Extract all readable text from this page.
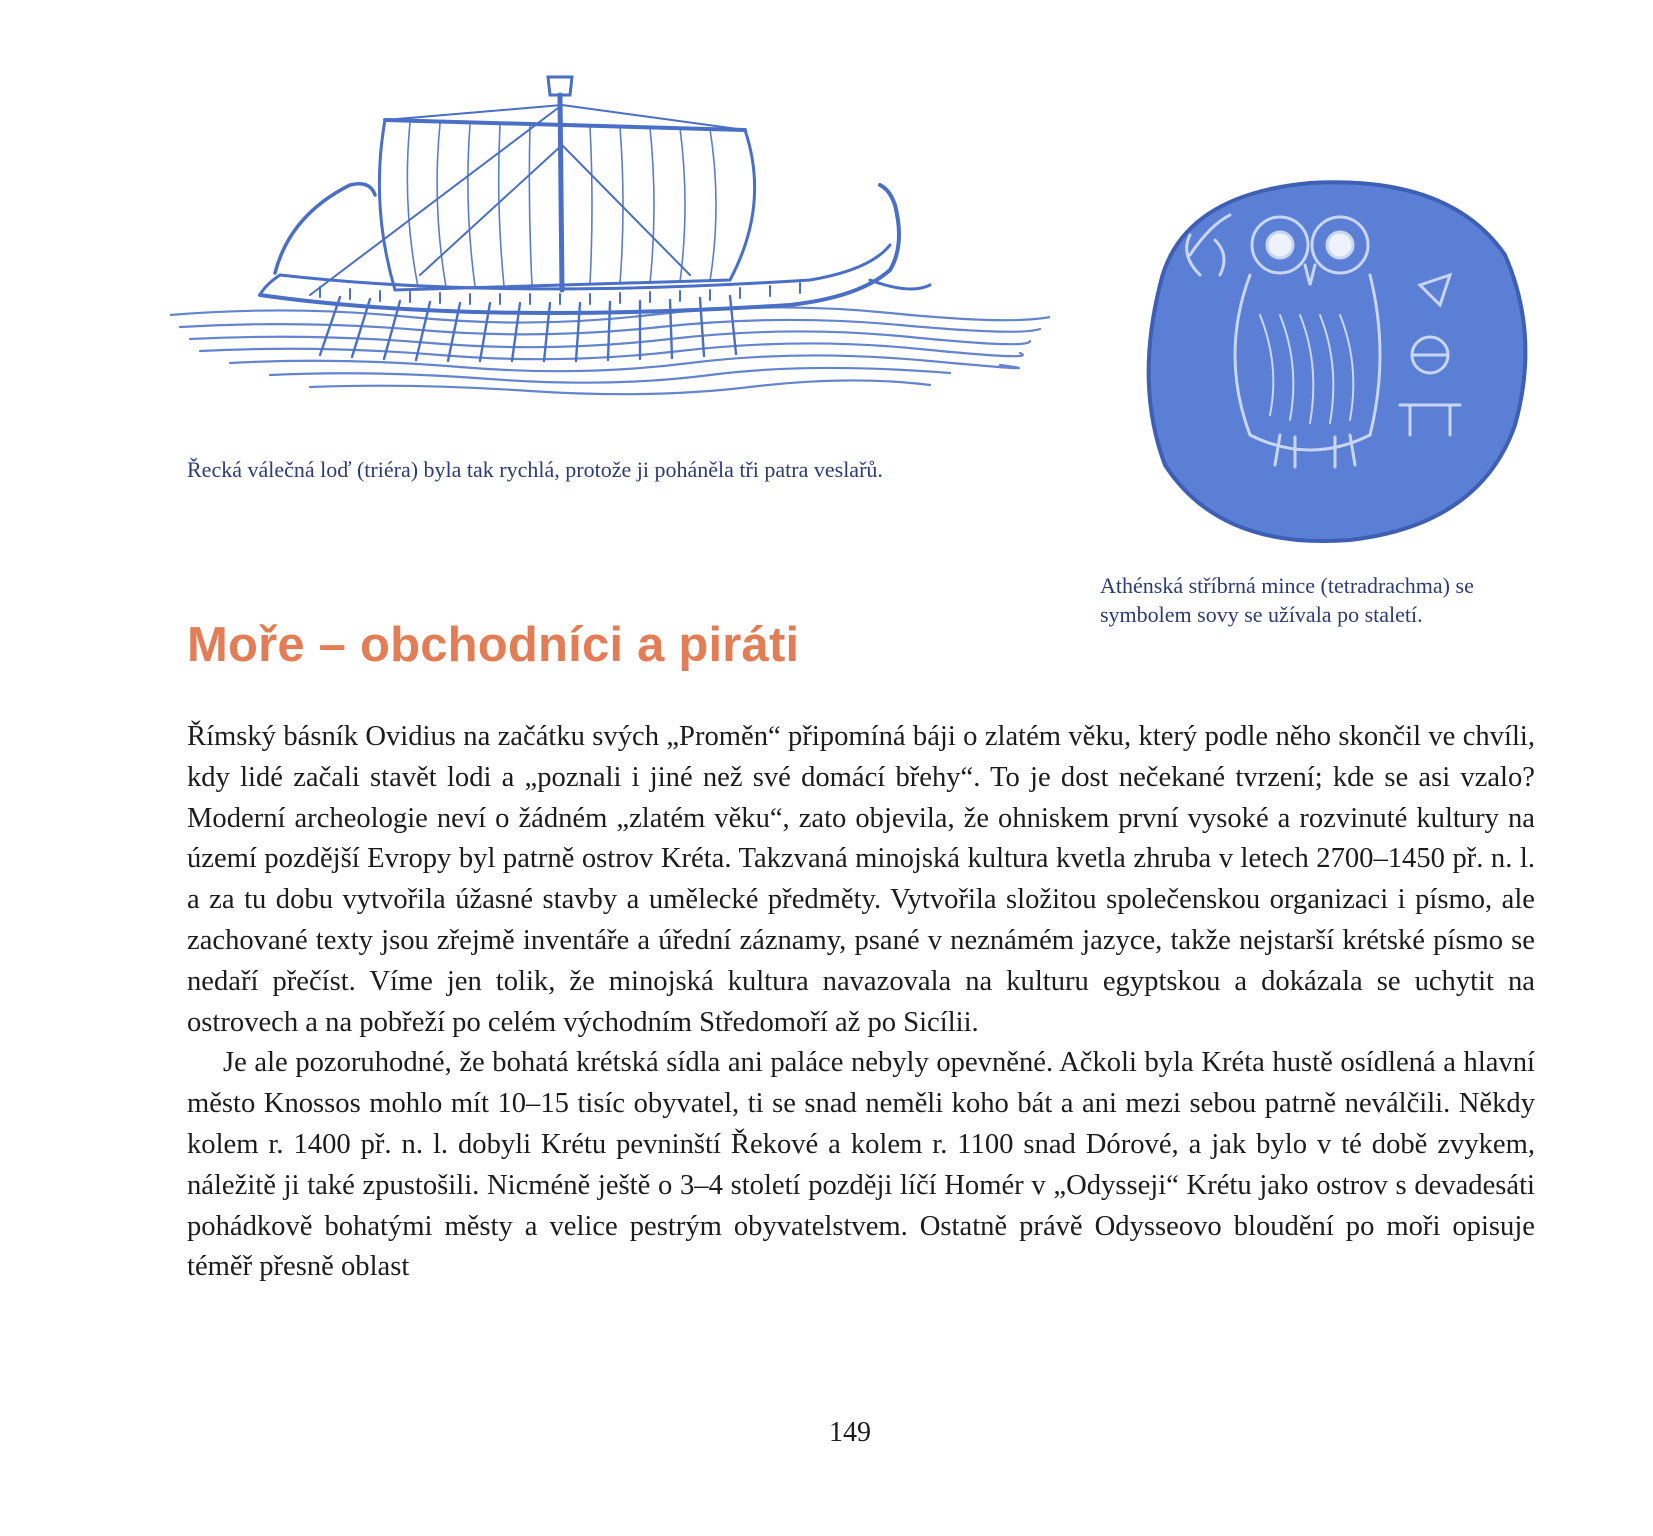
Řecká válečná loď (triéra) byla tak rychlá, protože ji poháněla tři patra veslařů.
Athénská stříbrná mince (tetradrachma) se symbolem sovy se užívala po staletí.
Moře – obchodníci a piráti

Římský básník Ovidius na začátku svých „Proměn“ připomíná báji o zlatém věku, který podle něho skončil ve chvíli, kdy lidé začali stavět lodi a „poznali i jiné než své domácí břehy“. To je dost nečekané tvrzení; kde se asi vzalo? Moderní archeologie neví o žádném „zlatém věku“, zato objevila, že ohniskem první vysoké a rozvinuté kultury na území pozdější Evropy byl patrně ostrov Kréta. Takzvaná minojská kultura kvetla zhruba v letech 2700–1450 př. n. l. a za tu dobu vytvořila úžasné stavby a umělecké předměty. Vytvořila složitou společenskou organizaci i písmo, ale zachované texty jsou zřejmě inventáře a úřední záznamy, psané v neznámém jazyce, takže nejstarší krétské písmo se nedaří přečíst. Víme jen tolik, že minojská kultura navazovala na kulturu egyptskou a dokázala se uchytit na ostrovech a na pobřeží po celém východním Středomoří až po Sicílii.

Je ale pozoruhodné, že bohatá krétská sídla ani paláce nebyly opevněné. Ačkoli byla Kréta hustě osídlená a hlavní město Knossos mohlo mít 10–15 tisíc obyvatel, ti se snad neměli koho bát a ani mezi sebou patrně neválčili. Někdy kolem r. 1400 př. n. l. dobyli Krétu pevninští Řekové a kolem r. 1100 snad Dórové, a jak bylo v té době zvykem, náležitě ji také zpustošili. Nicméně ještě o 3–4 století později líčí Homér v „Odysseji“ Krétu jako ostrov s devadesáti pohádkově bohatými městy a velice pestrým obyvatelstvem. Ostatně právě Odysseovo bloudění po moři opisuje téměř přesně oblast

149
